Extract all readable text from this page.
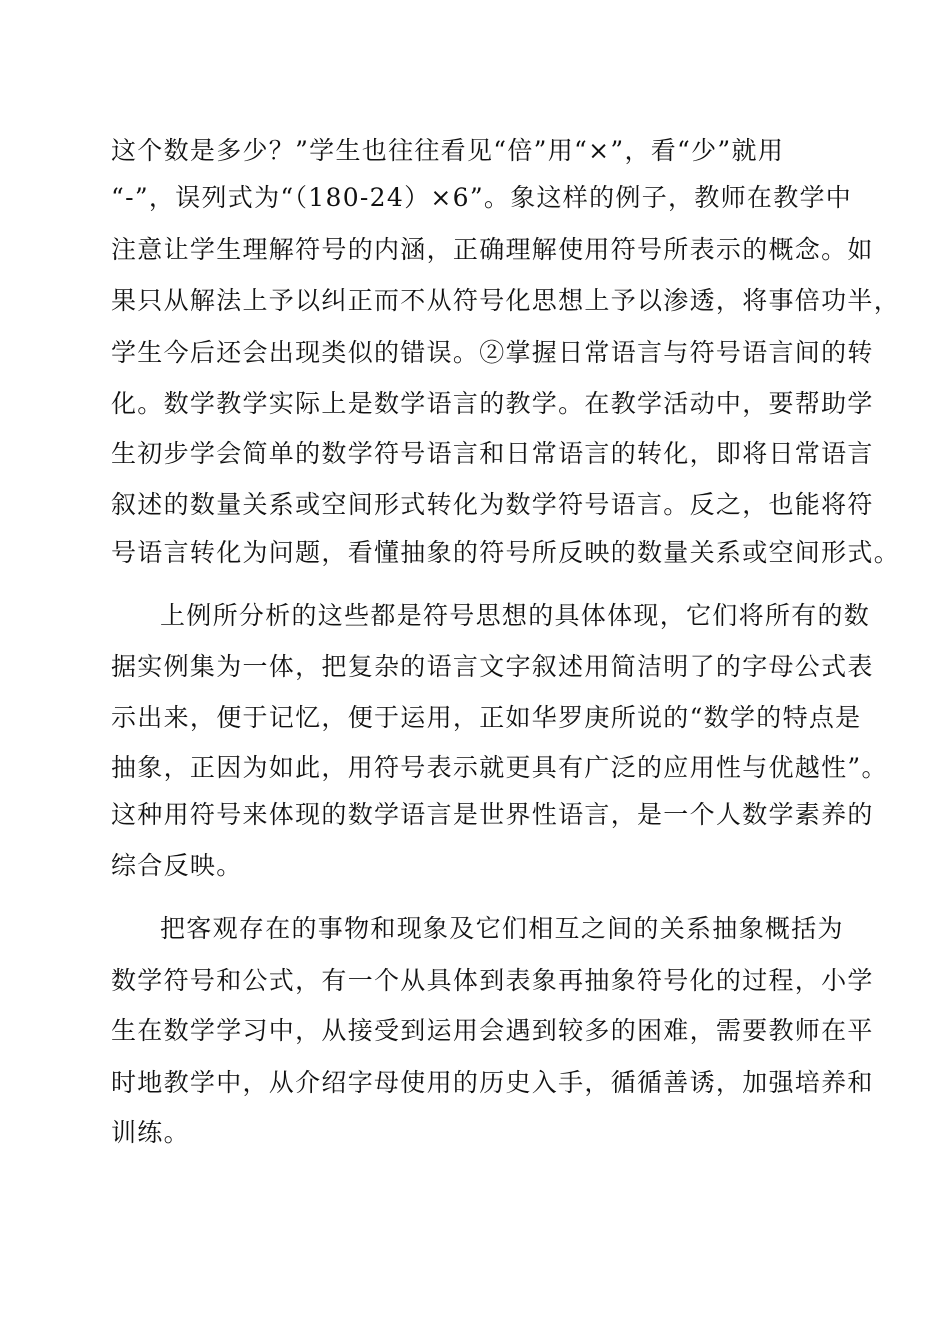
这个数是多少？”学生也往往看见“倍”用“×”，看“少”就用
“-”，误列式为“（180-24）×6”。象这样的例子，教师在教学中
注意让学生理解符号的内涵，正确理解使用符号所表示的概念。如
果只从解法上予以纠正而不从符号化思想上予以渗透，将事倍功半，
学生今后还会出现类似的错误。②掌握日常语言与符号语言间的转
化。数学教学实际上是数学语言的教学。在教学活动中，要帮助学
生初步学会简单的数学符号语言和日常语言的转化，即将日常语言
叙述的数量关系或空间形式转化为数学符号语言。反之，也能将符
号语言转化为问题，看懂抽象的符号所反映的数量关系或空间形式。
上例所分析的这些都是符号思想的具体体现，它们将所有的数
据实例集为一体，把复杂的语言文字叙述用简洁明了的字母公式表
示出来，便于记忆，便于运用，正如华罗庚所说的“数学的特点是
抽象，正因为如此，用符号表示就更具有广泛的应用性与优越性”。
这种用符号来体现的数学语言是世界性语言，是一个人数学素养的
综合反映。
把客观存在的事物和现象及它们相互之间的关系抽象概括为
数学符号和公式，有一个从具体到表象再抽象符号化的过程，小学
生在数学学习中，从接受到运用会遇到较多的困难，需要教师在平
时地教学中，从介绍字母使用的历史入手，循循善诱，加强培养和
训练。
